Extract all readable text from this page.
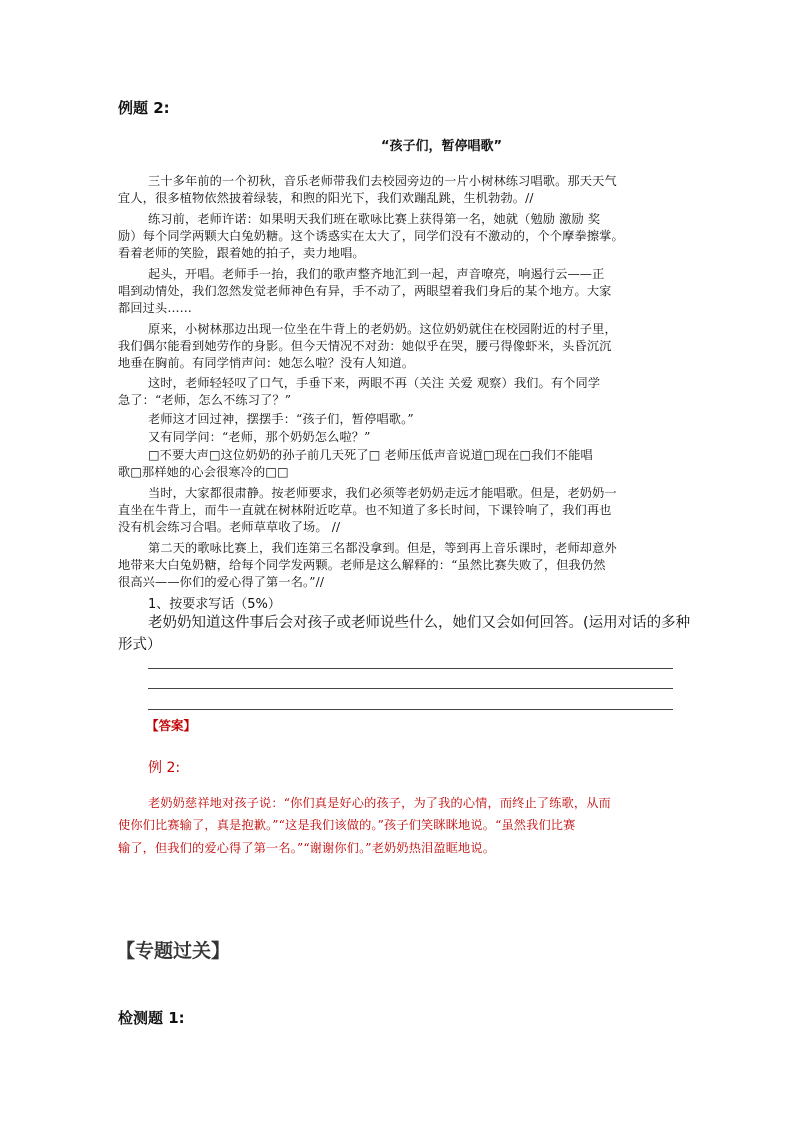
例题 2:
“孩子们，暂停唱歌”
三十多年前的一个初秋，音乐老师带我们去校园旁边的一片小树林练习唱歌。那天天气
宜人，很多植物依然披着绿装，和煦的阳光下，我们欢蹦乱跳，生机勃勃。//
练习前，老师许诺：如果明天我们班在歌咏比赛上获得第一名，她就（勉励 激励 奖
励）每个同学两颗大白兔奶糖。这个诱惑实在太大了，同学们没有不激动的，个个摩拳擦掌。
看着老师的笑脸，跟着她的拍子，卖力地唱。
起头，开唱。老师手一抬，我们的歌声整齐地汇到一起，声音嘹亮，响遏行云——正
唱到动情处，我们忽然发觉老师神色有异，手不动了，两眼望着我们身后的某个地方。大家
都回过头……
原来，小树林那边出现一位坐在牛背上的老奶奶。这位奶奶就住在校园附近的村子里，
我们偶尔能看到她劳作的身影。但今天情况不对劲：她似乎在哭，腰弓得像虾米，头昏沉沉
地垂在胸前。有同学悄声问：她怎么啦？没有人知道。
这时，老师轻轻叹了口气，手垂下来，两眼不再（关注 关爱 观察）我们。有个同学
急了：“老师，怎么不练习了？”
老师这才回过神，摆摆手：“孩子们，暂停唱歌。”
又有同学问：“老师，那个奶奶怎么啦？”
□不要大声□这位奶奶的孙子前几天死了□ 老师压低声音说道□现在□我们不能唱
歌□那样她的心会很寒冷的□□
当时，大家都很肃静。按老师要求，我们必须等老奶奶走远才能唱歌。但是，老奶奶一
直坐在牛背上，而牛一直就在树林附近吃草。也不知道了多长时间，下课铃响了，我们再也
没有机会练习合唱。老师草草收了场。 //
第二天的歌咏比赛上，我们连第三名都没拿到。但是，等到再上音乐课时，老师却意外
地带来大白兔奶糖，给每个同学发两颗。老师是这么解释的：“虽然比赛失败了，但我仍然
很高兴——你们的爱心得了第一名。”//
1、按要求写话（5%）
老奶奶知道这件事后会对孩子或老师说些什么，她们又会如何回答。(运用对话的多种
形式）
【答案】
例 2:
老奶奶慈祥地对孩子说：“你们真是好心的孩子，为了我的心情，而终止了练歌，从而
使你们比赛输了，真是抱歉。”“这是我们该做的。”孩子们笑眯眯地说。“虽然我们比赛
输了，但我们的爱心得了第一名。”“谢谢你们。”老奶奶热泪盈眶地说。
【专题过关】
检测题 1:
